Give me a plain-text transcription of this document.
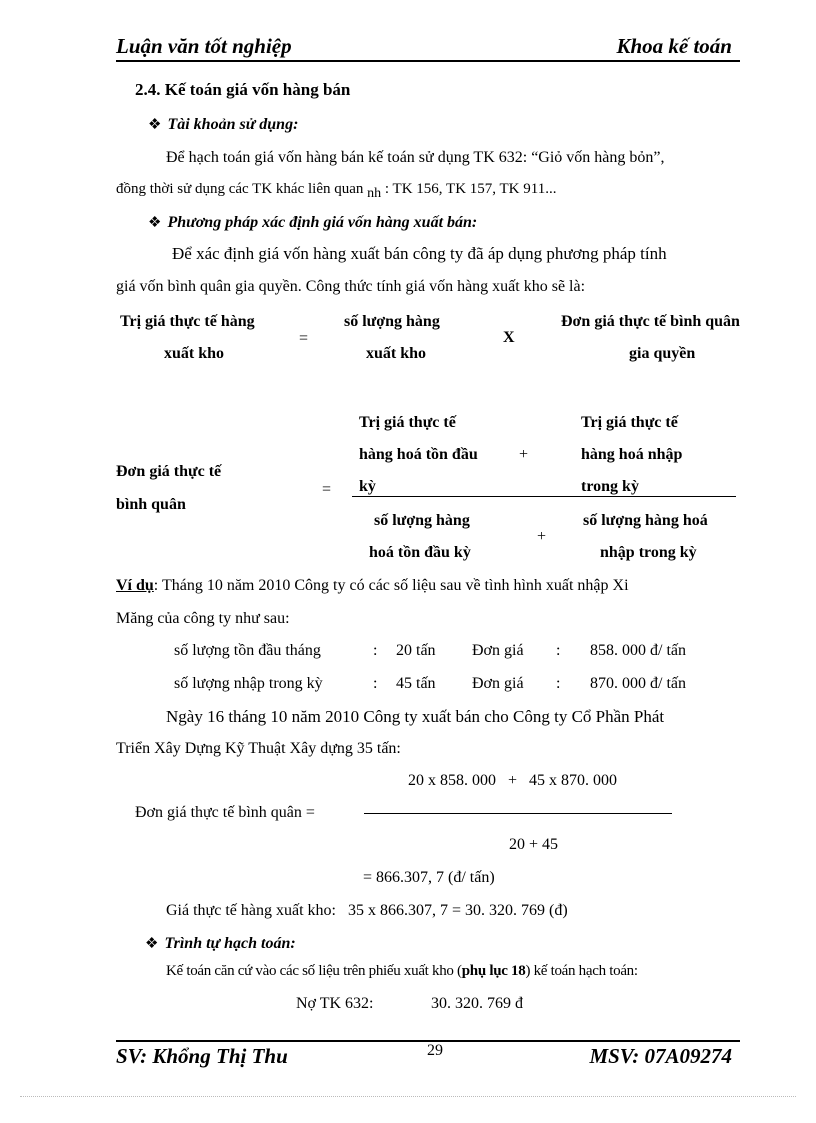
Luận văn tốt nghiệp	Khoa kế toán
2.4. Kế toán giá vốn hàng bán
❖ Tài khoản sử dụng:
Để hạch toán giá vốn hàng bán kế toán sử dụng TK 632: “Giỏ vốn hàng bỏn”,
đồng thời sử dụng các TK khác liên quan nh : TK 156, TK 157, TK 911...
❖ Phương pháp xác định giá vốn hàng xuất bán:
Để xác định giá vốn hàng xuất bán công ty đã áp dụng phương pháp tính
giá vốn bình quân gia quyền. Công thức tính giá vốn hàng xuất kho sẽ là:
Trị giá thực tế hàng
xuất kho
=
số lượng hàng
xuất kho
X
Đơn giá thực tế bình quân
gia quyền
Đơn giá thực tế
bình quân
=
Trị giá thực tế
hàng hoá tồn đầu
kỳ
+
Trị giá thực tế
hàng hoá nhập
trong kỳ
số lượng hàng
hoá tồn đầu kỳ
+
số lượng hàng hoá
nhập trong kỳ
Ví dụ: Tháng 10 năm 2010 Công ty có các số liệu sau về tình hình xuất nhập Xi
Măng của công ty như sau:
số lượng tồn đầu tháng	: 20 tấn Đơn giá : 858. 000 đ/ tấn
số lượng nhập trong kỳ	: 45 tấn Đơn giá : 870. 000 đ/ tấn
Ngày 16 tháng 10 năm 2010 Công ty xuất bán cho Công ty Cổ Phần Phát
Triển Xây Dựng Kỹ Thuật Xây dựng 35 tấn:
20 x 858. 000   +   45 x 870. 000
Đơn giá thực tế bình quân =
20 + 45
= 866.307, 7 (đ/ tấn)
Giá thực tế hàng xuất kho:   35 x 866.307, 7 = 30. 320. 769 (đ)
❖ Trình tự hạch toán:
Kế toán căn cứ vào các số liệu trên phiếu xuất kho (phụ lục 18) kế toán hạch toán:
Nợ TK 632:	30. 320. 769 đ
SV: Khổng Thị Thu	29	MSV: 07A09274
